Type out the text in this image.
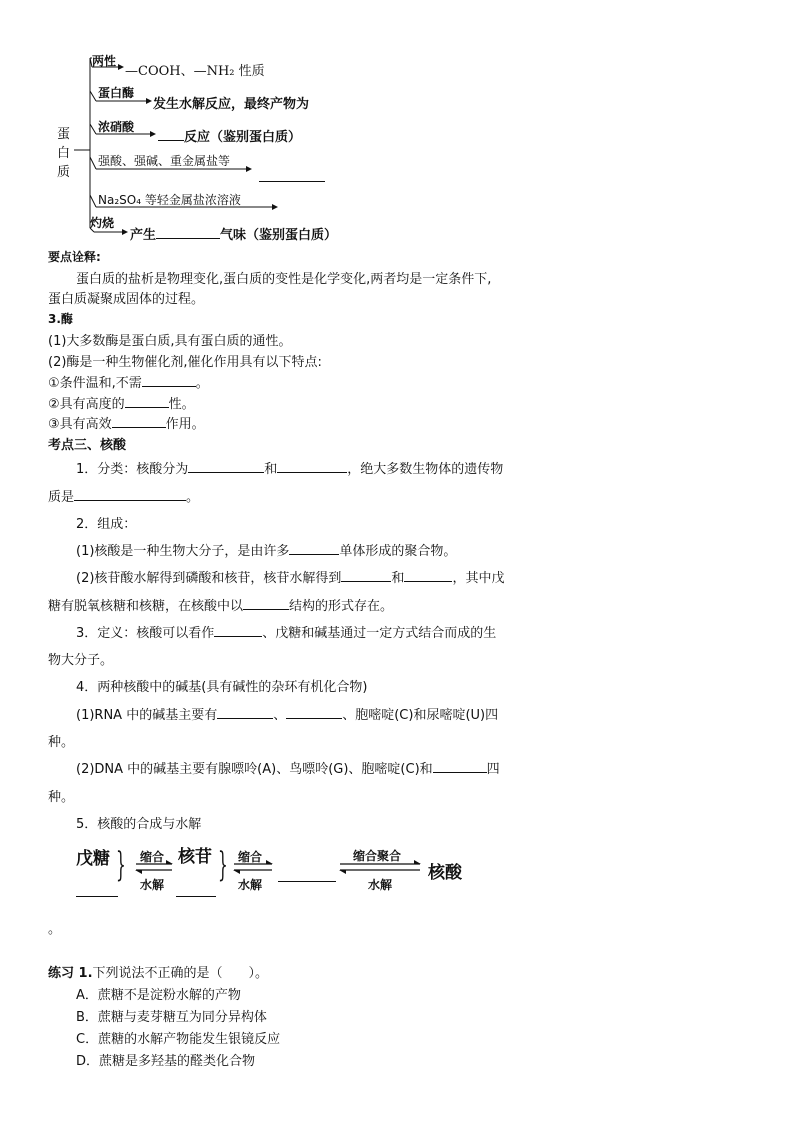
蛋
白
质
两性
—COOH、—NH₂ 性质
蛋白酶
发生水解反应，最终产物为
浓硝酸
反应（鉴别蛋白质）
强酸、强碱、重金属盐等
Na₂SO₄ 等轻金属盐浓溶液
灼烧
产生	气味（鉴别蛋白质）
要点诠释:
蛋白质的盐析是物理变化,蛋白质的变性是化学变化,两者均是一定条件下,
蛋白质凝聚成固体的过程。
3.酶
(1)大多数酶是蛋白质,具有蛋白质的通性。
(2)酶是一种生物催化剂,催化作用具有以下特点:
①条件温和,不需	。
②具有高度的	性。
③具有高效	作用。
考点三、核酸
1．分类：核酸分为	和	，绝大多数生物体的遗传物
质是	。
2．组成：
(1)核酸是一种生物大分子，是由许多	单体形成的聚合物。
(2)核苷酸水解得到磷酸和核苷，核苷水解得到	和	，其中戊
糖有脱氧核糖和核糖，在核酸中以	结构的形式存在。
3．定义：核酸可以看作	、戊糖和碱基通过一定方式结合而成的生
物大分子。
4．两种核酸中的碱基(具有碱性的杂环有机化合物)
(1)RNA 中的碱基主要有	、	、胞嘧啶(C)和尿嘧啶(U)四
种。
(2)DNA 中的碱基主要有腺嘌呤(A)、鸟嘌呤(G)、胞嘧啶(C)和	四
种。
5．核酸的合成与水解
戊糖 } 缩合
水解
核苷 } 缩合
水解
缩合聚合
水解
核酸
。
练习 1.下列说法不正确的是（　　）。
A．蔗糖不是淀粉水解的产物
B．蔗糖与麦芽糖互为同分异构体
C．蔗糖的水解产物能发生银镜反应
D．蔗糖是多羟基的醛类化合物
